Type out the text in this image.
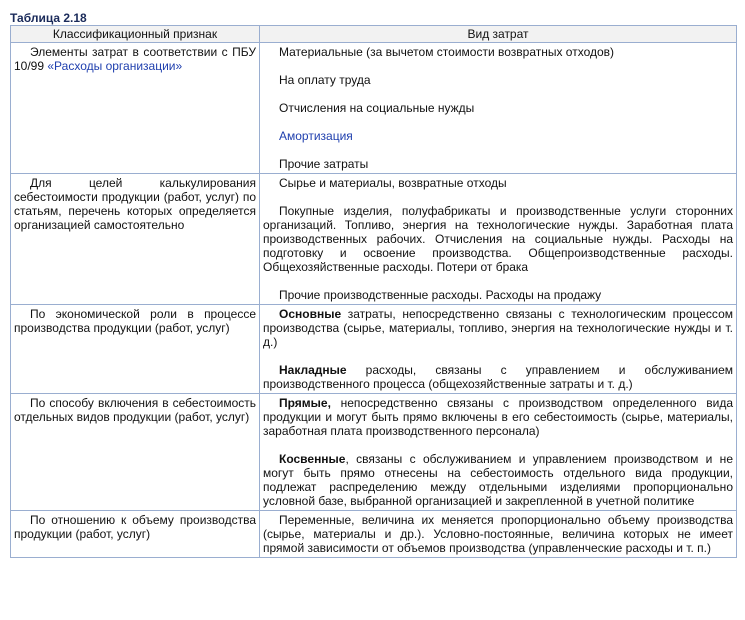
Таблица 2.18
Классификационный признак	Вид затрат

Элементы затрат в соответствии с ПБУ 10/99 «Расходы организации»	Материальные (за вычетом стоимости возвратных отходов)

На оплату труда

Отчисления на социальные нужды

Амортизация

Прочие затраты

Для целей калькулирования себестоимости продукции (работ, услуг) по статьям, перечень которых определяется организацией самостоятельно	Сырье и материалы, возвратные отходы

Покупные изделия, полуфабрикаты и производственные услуги сторонних организаций. Топливо, энергия на технологические нужды. Заработная плата производственных рабочих. Отчисления на социальные нужды. Расходы на подготовку и освоение производства. Общепроизводственные расходы. Общехозяйственные расходы. Потери от брака

Прочие производственные расходы. Расходы на продажу

По экономической роли в процессе производства продукции (работ, услуг)	Основные затраты, непосредственно связаны с технологическим процессом производства (сырье, материалы, топливо, энергия на технологические нужды и т. д.)

Накладные расходы, связаны с управлением и обслуживанием производственного процесса (общехозяйственные затраты и т. д.)

По способу включения в себестоимость отдельных видов продукции (работ, услуг)	Прямые, непосредственно связаны с производством определенного вида продукции и могут быть прямо включены в его себестоимость (сырье, материалы, заработная плата производственного персонала)

Косвенные, связаны с обслуживанием и управлением производством и не могут быть прямо отнесены на себестоимость отдельного вида продукции, подлежат распределению между отдельными изделиями пропорционально условной базе, выбранной организацией и закрепленной в учетной политике

По отношению к объему производства продукции (работ, услуг)	Переменные, величина их меняется пропорционально объему производства (сырье, материалы и др.). Условно-постоянные, величина которых не имеет прямой зависимости от объемов производства (управленческие расходы и т. п.)
